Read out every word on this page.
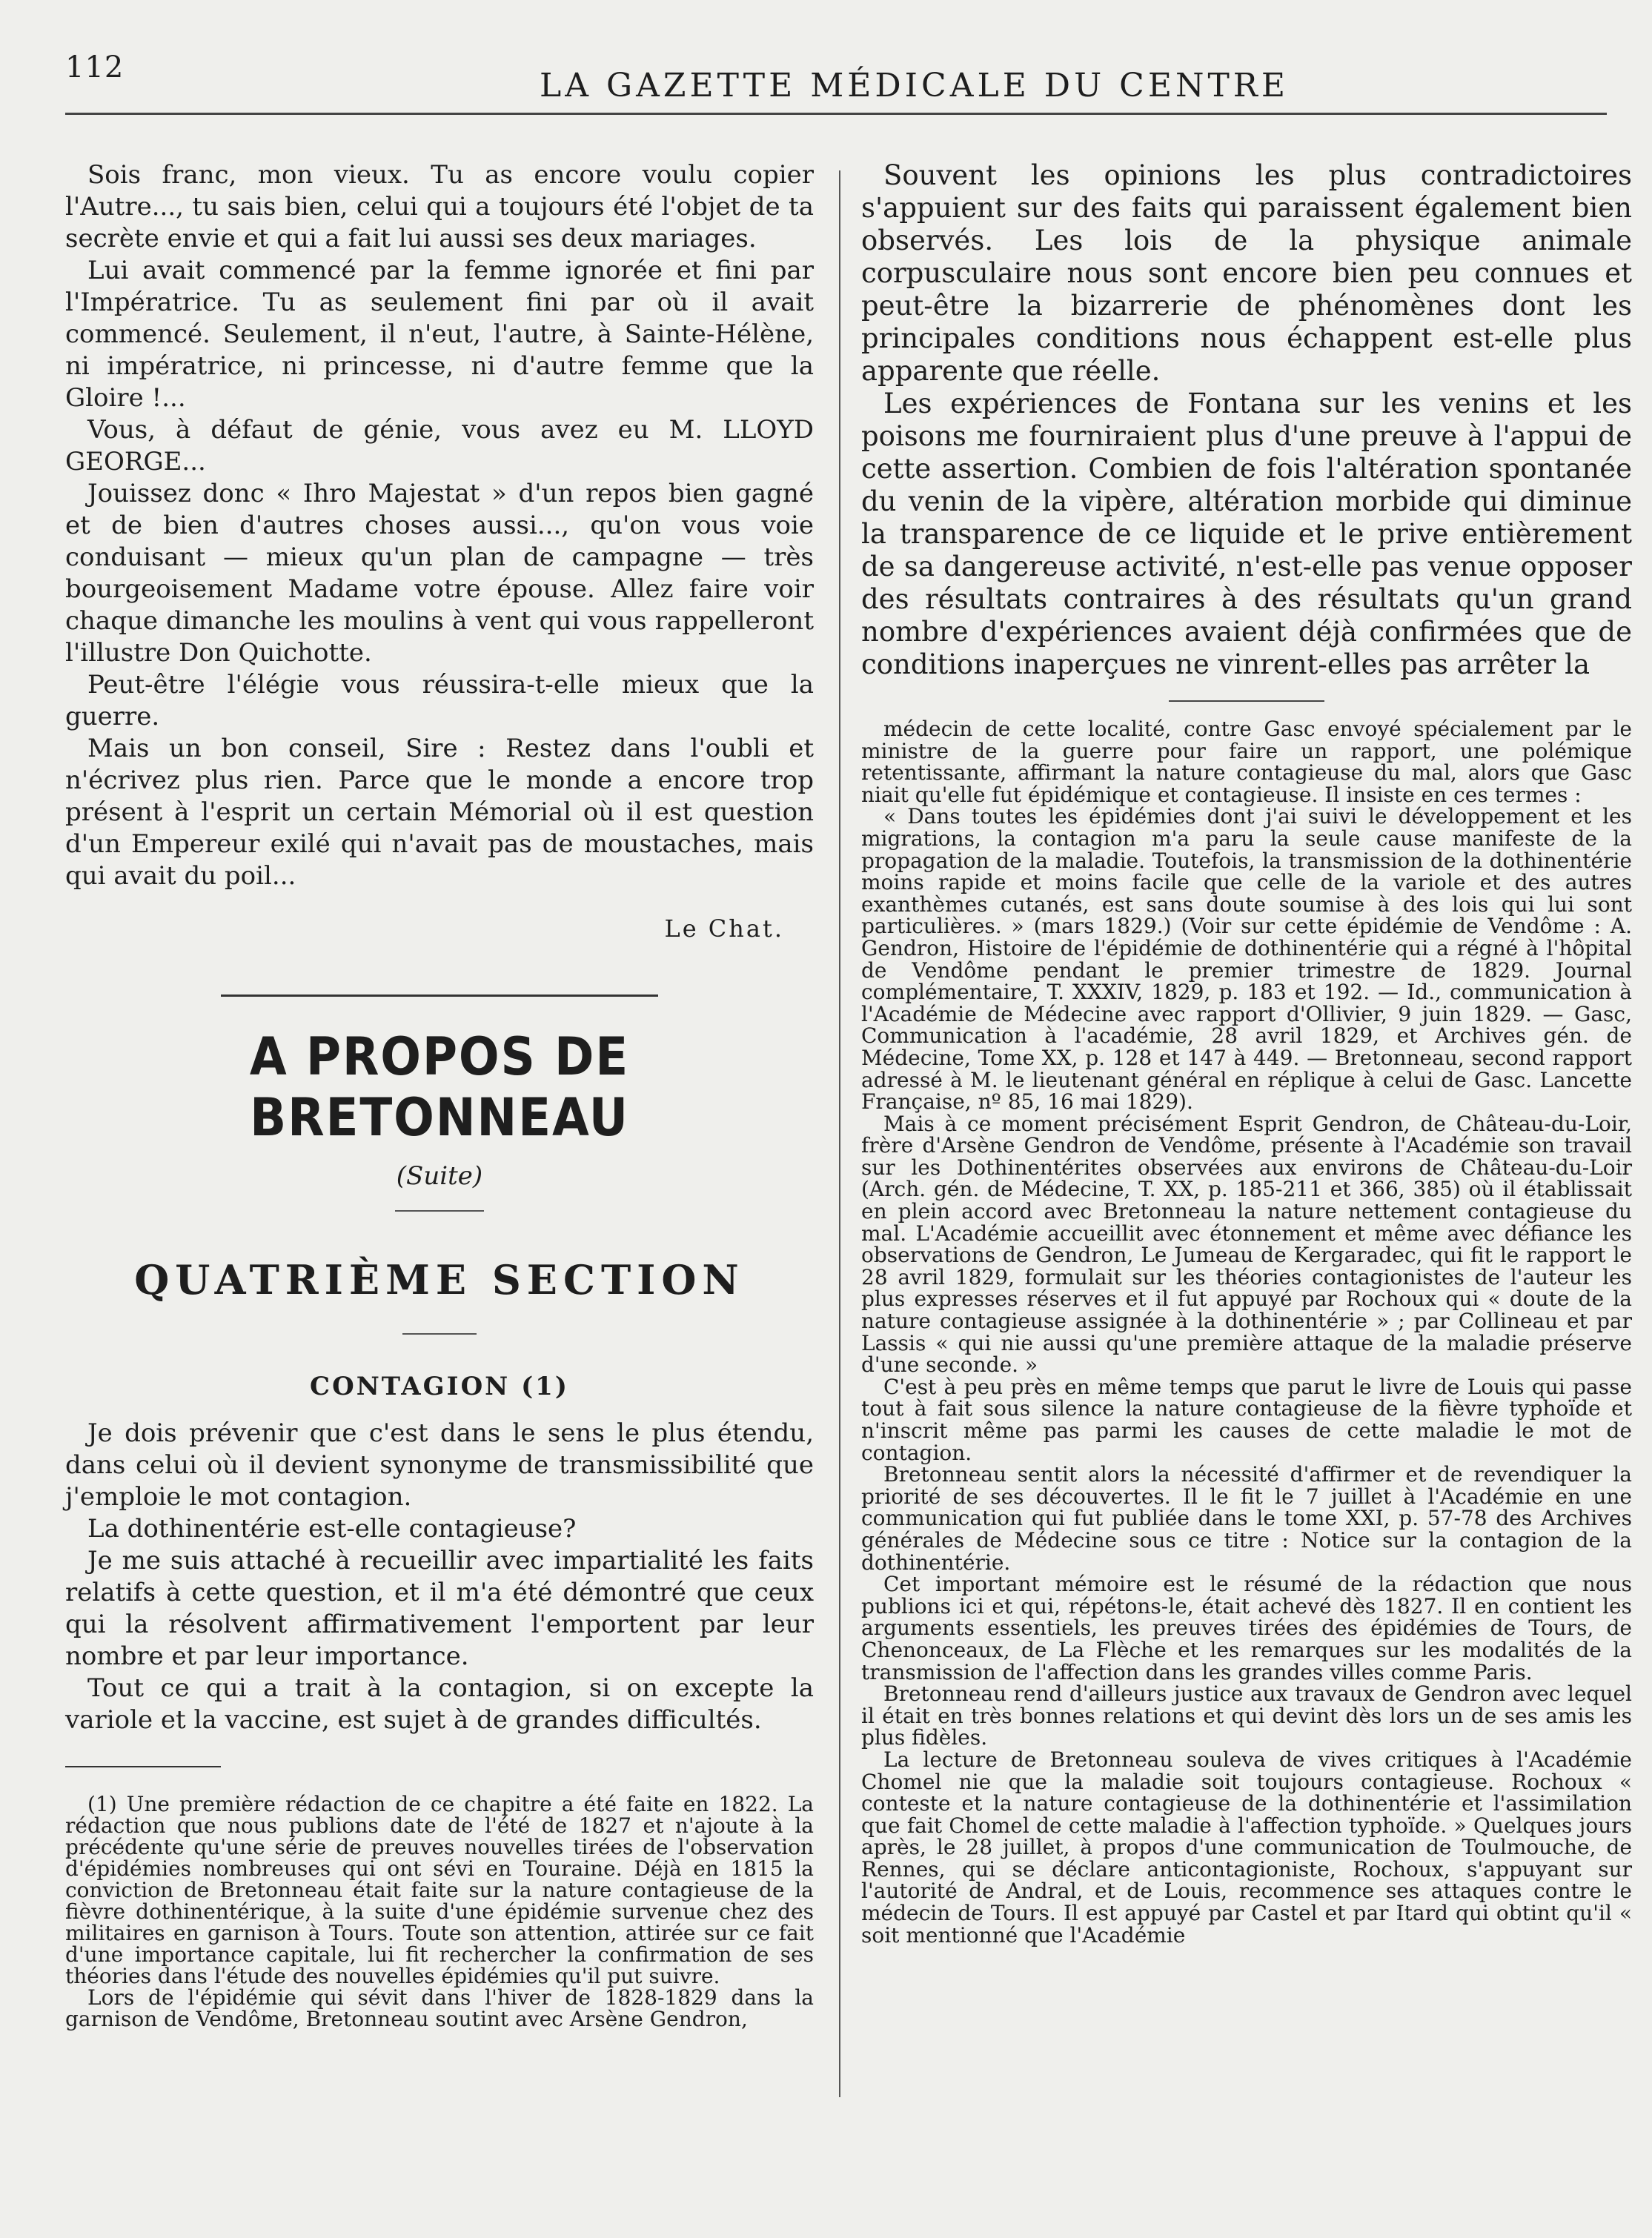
112	LA GAZETTE MÉDICALE DU CENTRE

Sois franc, mon vieux. Tu as encore voulu copier l'Autre..., tu sais bien, celui qui a toujours été l'objet de ta secrète envie et qui a fait lui aussi ses deux mariages.

Lui avait commencé par la femme ignorée et fini par l'Impératrice. Tu as seulement fini par où il avait commencé. Seulement, il n'eut, l'autre, à Sainte-Hélène, ni impératrice, ni princesse, ni d'autre femme que la Gloire !...

Vous, à défaut de génie, vous avez eu M. LLOYD GEORGE...

Jouissez donc « Ihro Majestat » d'un repos bien gagné et de bien d'autres choses aussi..., qu'on vous voie conduisant — mieux qu'un plan de campagne — très bourgeoisement Madame votre épouse. Allez faire voir chaque dimanche les moulins à vent qui vous rappelleront l'illustre Don Quichotte.

Peut-être l'élégie vous réussira-t-elle mieux que la guerre.

Mais un bon conseil, Sire : Restez dans l'oubli et n'écrivez plus rien. Parce que le monde a encore trop présent à l'esprit un certain Mémorial où il est question d'un Empereur exilé qui n'avait pas de moustaches, mais qui avait du poil...

Le Chat.
A PROPOS DE BRETONNEAU

(Suite)

QUATRIÈME SECTION
CONTAGION (1)

Je dois prévenir que c'est dans le sens le plus étendu, dans celui où il devient synonyme de transmissibilité que j'emploie le mot contagion.

La dothinentérie est-elle contagieuse?

Je me suis attaché à recueillir avec impartialité les faits relatifs à cette question, et il m'a été démontré que ceux qui la résolvent affirmativement l'emportent par leur nombre et par leur importance.

Tout ce qui a trait à la contagion, si on excepte la variole et la vaccine, est sujet à de grandes difficultés.

(1) Une première rédaction de ce chapitre a été faite en 1822. La rédaction que nous publions date de l'été de 1827 et n'ajoute à la précédente qu'une série de preuves nouvelles tirées de l'observation d'épidémies nombreuses qui ont sévi en Touraine. Déjà en 1815 la conviction de Bretonneau était faite sur la nature contagieuse de la fièvre dothinentérique, à la suite d'une épidémie survenue chez des militaires en garnison à Tours. Toute son attention, attirée sur ce fait d'une importance capitale, lui fit rechercher la confirmation de ses théories dans l'étude des nouvelles épidémies qu'il put suivre.

Lors de l'épidémie qui sévit dans l'hiver de 1828-1829 dans la garnison de Vendôme, Bretonneau soutint avec Arsène Gendron,

Souvent les opinions les plus contradictoires s'appuient sur des faits qui paraissent également bien observés. Les lois de la physique animale corpusculaire nous sont encore bien peu connues et peut-être la bizarrerie de phénomènes dont les principales conditions nous échappent est-elle plus apparente que réelle.

Les expériences de Fontana sur les venins et les poisons me fourniraient plus d'une preuve à l'appui de cette assertion. Combien de fois l'altération spontanée du venin de la vipère, altération morbide qui diminue la transparence de ce liquide et le prive entièrement de sa dangereuse activité, n'est-elle pas venue opposer des résultats contraires à des résultats qu'un grand nombre d'expériences avaient déjà confirmées que de conditions inaperçues ne vinrent-elles pas arrêter la

médecin de cette localité, contre Gasc envoyé spécialement par le ministre de la guerre pour faire un rapport, une polémique retentissante, affirmant la nature contagieuse du mal, alors que Gasc niait qu'elle fut épidémique et contagieuse. Il insiste en ces termes :

« Dans toutes les épidémies dont j'ai suivi le développement et les migrations, la contagion m'a paru la seule cause manifeste de la propagation de la maladie. Toutefois, la transmission de la dothinentérie moins rapide et moins facile que celle de la variole et des autres exanthèmes cutanés, est sans doute soumise à des lois qui lui sont particulières. » (mars 1829.) (Voir sur cette épidémie de Vendôme : A. Gendron, Histoire de l'épidémie de dothinentérie qui a régné à l'hôpital de Vendôme pendant le premier trimestre de 1829. Journal complémentaire, T. XXXIV, 1829, p. 183 et 192. — Id., communication à l'Académie de Médecine avec rapport d'Ollivier, 9 juin 1829. — Gasc, Communication à l'académie, 28 avril 1829, et Archives gén. de Médecine, Tome XX, p. 128 et 147 à 449. — Bretonneau, second rapport adressé à M. le lieutenant général en réplique à celui de Gasc. Lancette Française, nº 85, 16 mai 1829).

Mais à ce moment précisément Esprit Gendron, de Château-du-Loir, frère d'Arsène Gendron de Vendôme, présente à l'Académie son travail sur les Dothinentérites observées aux environs de Château-du-Loir (Arch. gén. de Médecine, T. XX, p. 185-211 et 366, 385) où il établissait en plein accord avec Bretonneau la nature nettement contagieuse du mal. L'Académie accueillit avec étonnement et même avec défiance les observations de Gendron, Le Jumeau de Kergaradec, qui fit le rapport le 28 avril 1829, formulait sur les théories contagionistes de l'auteur les plus expresses réserves et il fut appuyé par Rochoux qui « doute de la nature contagieuse assignée à la dothinentérie » ; par Collineau et par Lassis « qui nie aussi qu'une première attaque de la maladie préserve d'une seconde. »

C'est à peu près en même temps que parut le livre de Louis qui passe tout à fait sous silence la nature contagieuse de la fièvre typhoïde et n'inscrit même pas parmi les causes de cette maladie le mot de contagion.

Bretonneau sentit alors la nécessité d'affirmer et de revendiquer la priorité de ses découvertes. Il le fit le 7 juillet à l'Académie en une communication qui fut publiée dans le tome XXI, p. 57-78 des Archives générales de Médecine sous ce titre : Notice sur la contagion de la dothinentérie.

Cet important mémoire est le résumé de la rédaction que nous publions ici et qui, répétons-le, était achevé dès 1827. Il en contient les arguments essentiels, les preuves tirées des épidémies de Tours, de Chenonceaux, de La Flèche et les remarques sur les modalités de la transmission de l'affection dans les grandes villes comme Paris.

Bretonneau rend d'ailleurs justice aux travaux de Gendron avec lequel il était en très bonnes relations et qui devint dès lors un de ses amis les plus fidèles.

La lecture de Bretonneau souleva de vives critiques à l'Académie Chomel nie que la maladie soit toujours contagieuse. Rochoux « conteste et la nature contagieuse de la dothinentérie et l'assimilation que fait Chomel de cette maladie à l'affection typhoïde. » Quelques jours après, le 28 juillet, à propos d'une communication de Toulmouche, de Rennes, qui se déclare anticontagioniste, Rochoux, s'appuyant sur l'autorité de Andral, et de Louis, recommence ses attaques contre le médecin de Tours. Il est appuyé par Castel et par Itard qui obtint qu'il « soit mentionné que l'Académie
